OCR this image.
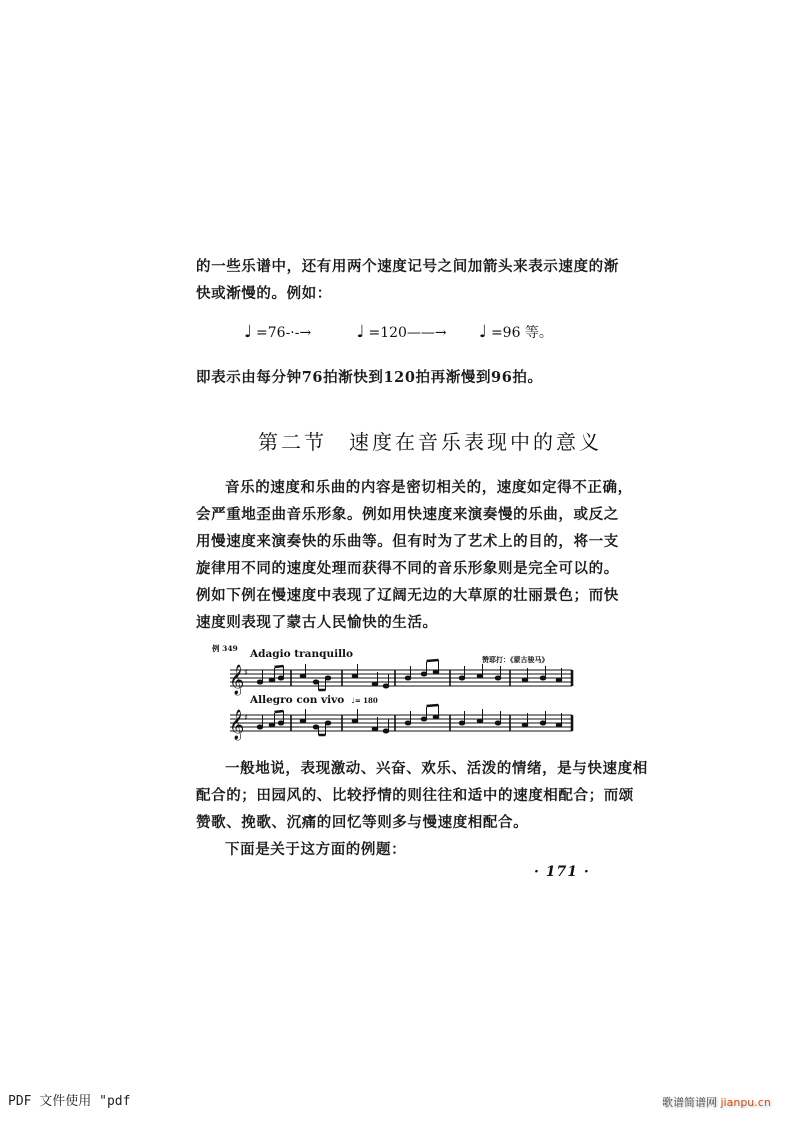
的一些乐谱中，还有用两个速度记号之间加箭头来表示速度的渐
快或渐慢的。例如：
♩ =76-·-→	♩ =120——→ ♩ =96 等。
即表示由每分钟76拍渐快到120拍再渐慢到96拍。
第二节 速度在音乐表现中的意义
音乐的速度和乐曲的内容是密切相关的，速度如定得不正确，
会严重地歪曲音乐形象。例如用快速度来演奏慢的乐曲，或反之
用慢速度来演奏快的乐曲等。但有时为了艺术上的目的，将一支
旋律用不同的速度处理而获得不同的音乐形象则是完全可以的。
例如下例在慢速度中表现了辽阔无边的大草原的壮丽景色；而快
速度则表现了蒙古人民愉快的生活。
例 349 Adagio tranquillo	赞耶打：《蒙古骏马》
Allegro con vivo ♩= 180
𝄞
𝄞
♯
♯
一般地说，表现激动、兴奋、欢乐、活泼的情绪，是与快速度相
配合的；田园风的、比较抒情的则往往和适中的速度相配合；而颂
赞歌、挽歌、沉痛的回忆等则多与慢速度相配合。
下面是关于这方面的例题：
· 171 ·
PDF 文件使用 "pdf	歌谱简谱网 jianpu.cn
